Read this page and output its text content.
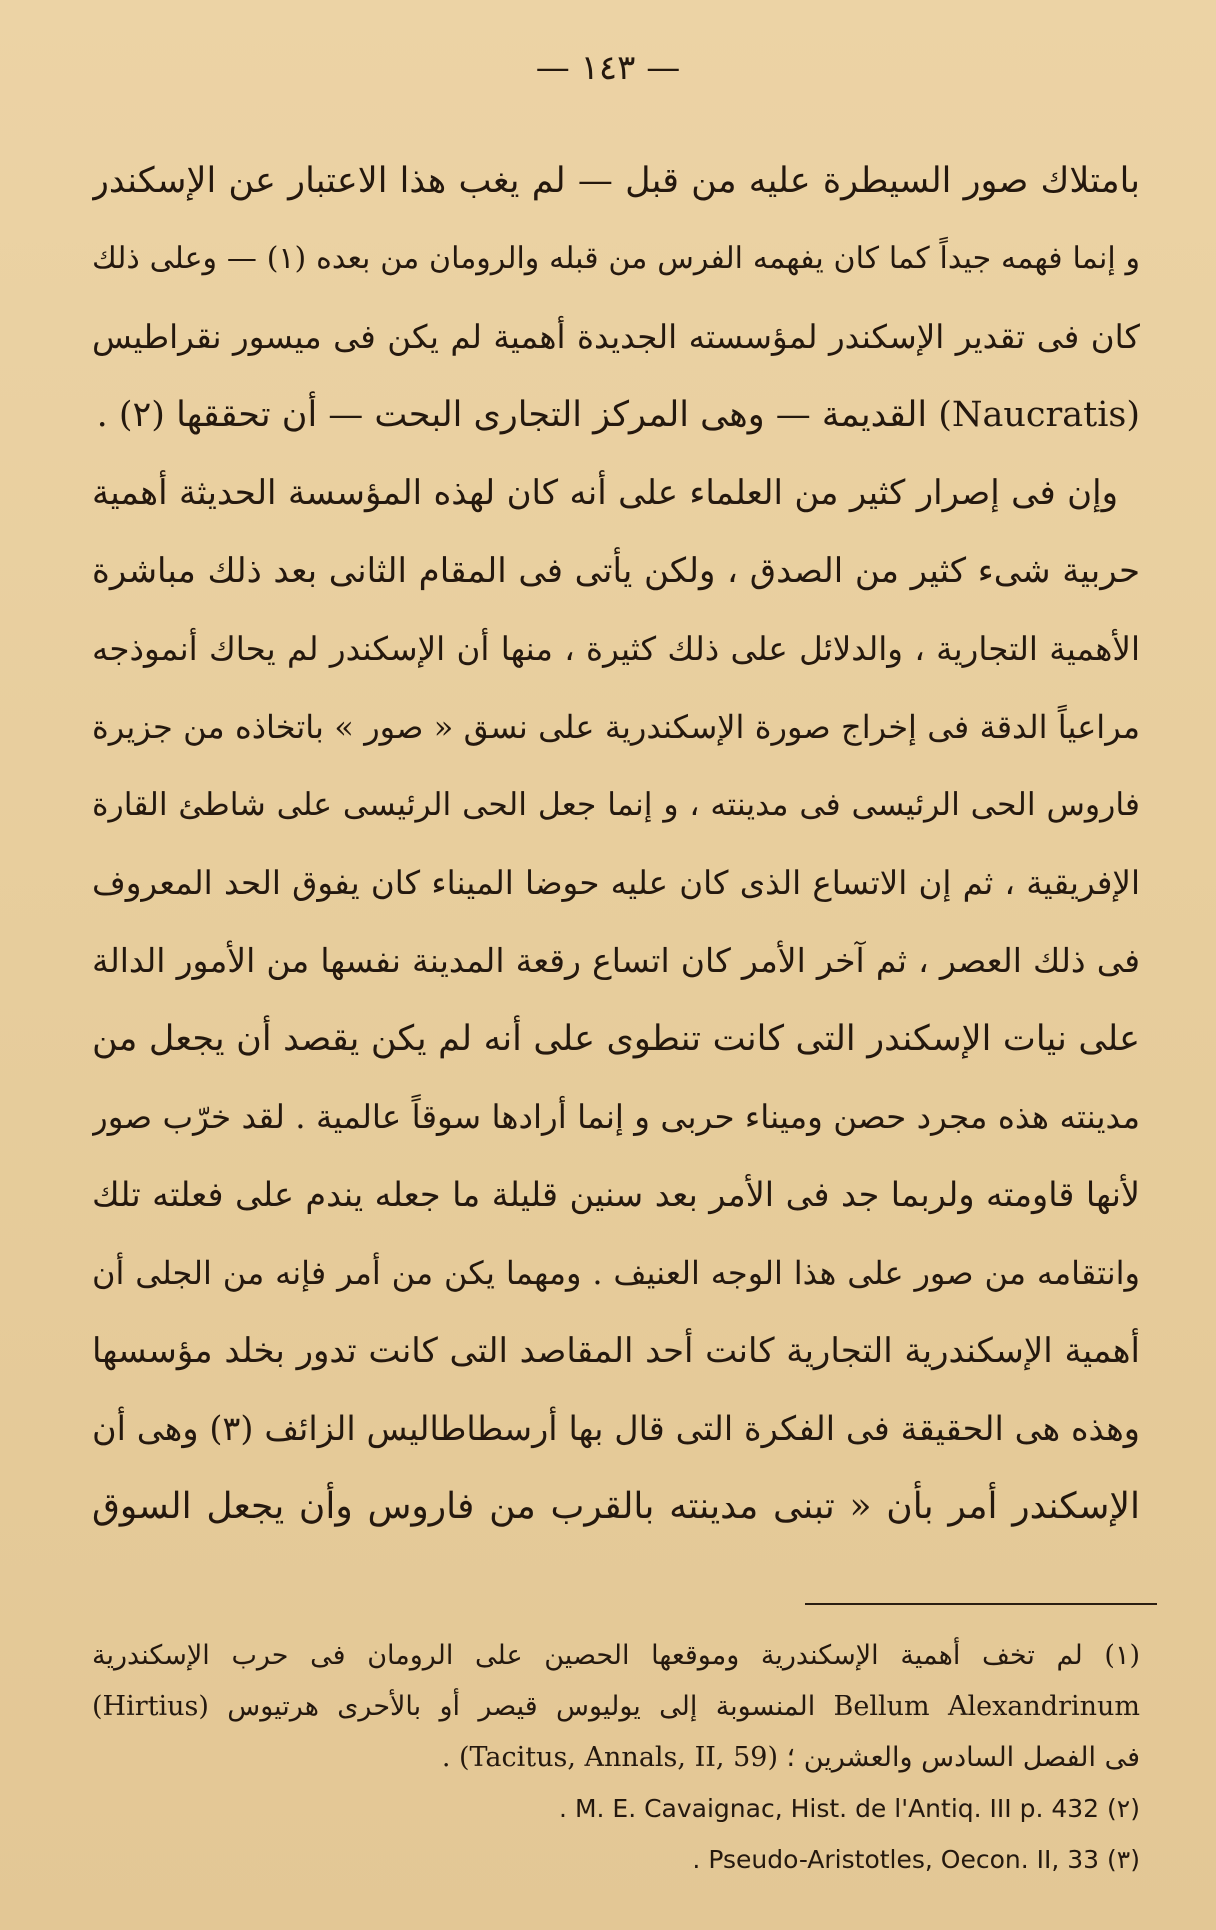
— ١٤٣ —
بامتلاك صور السيطرة عليه من قبل — لم يغب هذا الاعتبار عن الإسكندر
و إنما فهمه جيداً كما كان يفهمه الفرس من قبله والرومان من بعده (١) — وعلى ذلك
كان فى تقدير الإسكندر لمؤسسته الجديدة أهمية لم يكن فى ميسور نقراطيس
(Naucratis) القديمة — وهى المركز التجارى البحت — أن تحققها (٢) .
وإن فى إصرار كثير من العلماء على أنه كان لهذه المؤسسة الحديثة أهمية
حربية شىء كثير من الصدق ، ولكن يأتى فى المقام الثانى بعد ذلك مباشرة
الأهمية التجارية ، والدلائل على ذلك كثيرة ، منها أن الإسكندر لم يحاك أنموذجه
مراعياً الدقة فى إخراج صورة الإسكندرية على نسق « صور » باتخاذه من جزيرة
فاروس الحى الرئيسى فى مدينته ، و إنما جعل الحى الرئيسى على شاطئ القارة
الإفريقية ، ثم إن الاتساع الذى كان عليه حوضا الميناء كان يفوق الحد المعروف
فى ذلك العصر ، ثم آخر الأمر كان اتساع رقعة المدينة نفسها من الأمور الدالة
على نيات الإسكندر التى كانت تنطوى على أنه لم يكن يقصد أن يجعل من
مدينته هذه مجرد حصن وميناء حربى و إنما أرادها سوقاً عالمية . لقد خرّب صور
لأنها قاومته ولربما جد فى الأمر بعد سنين قليلة ما جعله يندم على فعلته تلك
وانتقامه من صور على هذا الوجه العنيف . ومهما يكن من أمر فإنه من الجلى أن
أهمية الإسكندرية التجارية كانت أحد المقاصد التى كانت تدور بخلد مؤسسها
وهذه هى الحقيقة فى الفكرة التى قال بها أرسطاطاليس الزائف (٣) وهى أن
الإسكندر أمر بأن « تبنى مدينته بالقرب من فاروس وأن يجعل السوق
(١) لم تخف أهمية الإسكندرية وموقعها الحصين على الرومان فى حرب الإسكندرية
Bellum Alexandrinum المنسوبة إلى يوليوس قيصر أو بالأحرى هرتيوس (Hirtius)
فى الفصل السادس والعشرين ؛ (Tacitus, Annals, II, 59) .
(٢) M. E. Cavaignac, Hist. de l'Antiq. III p. 432 .
(٣) Pseudo-Aristotles, Oecon. II, 33 .
